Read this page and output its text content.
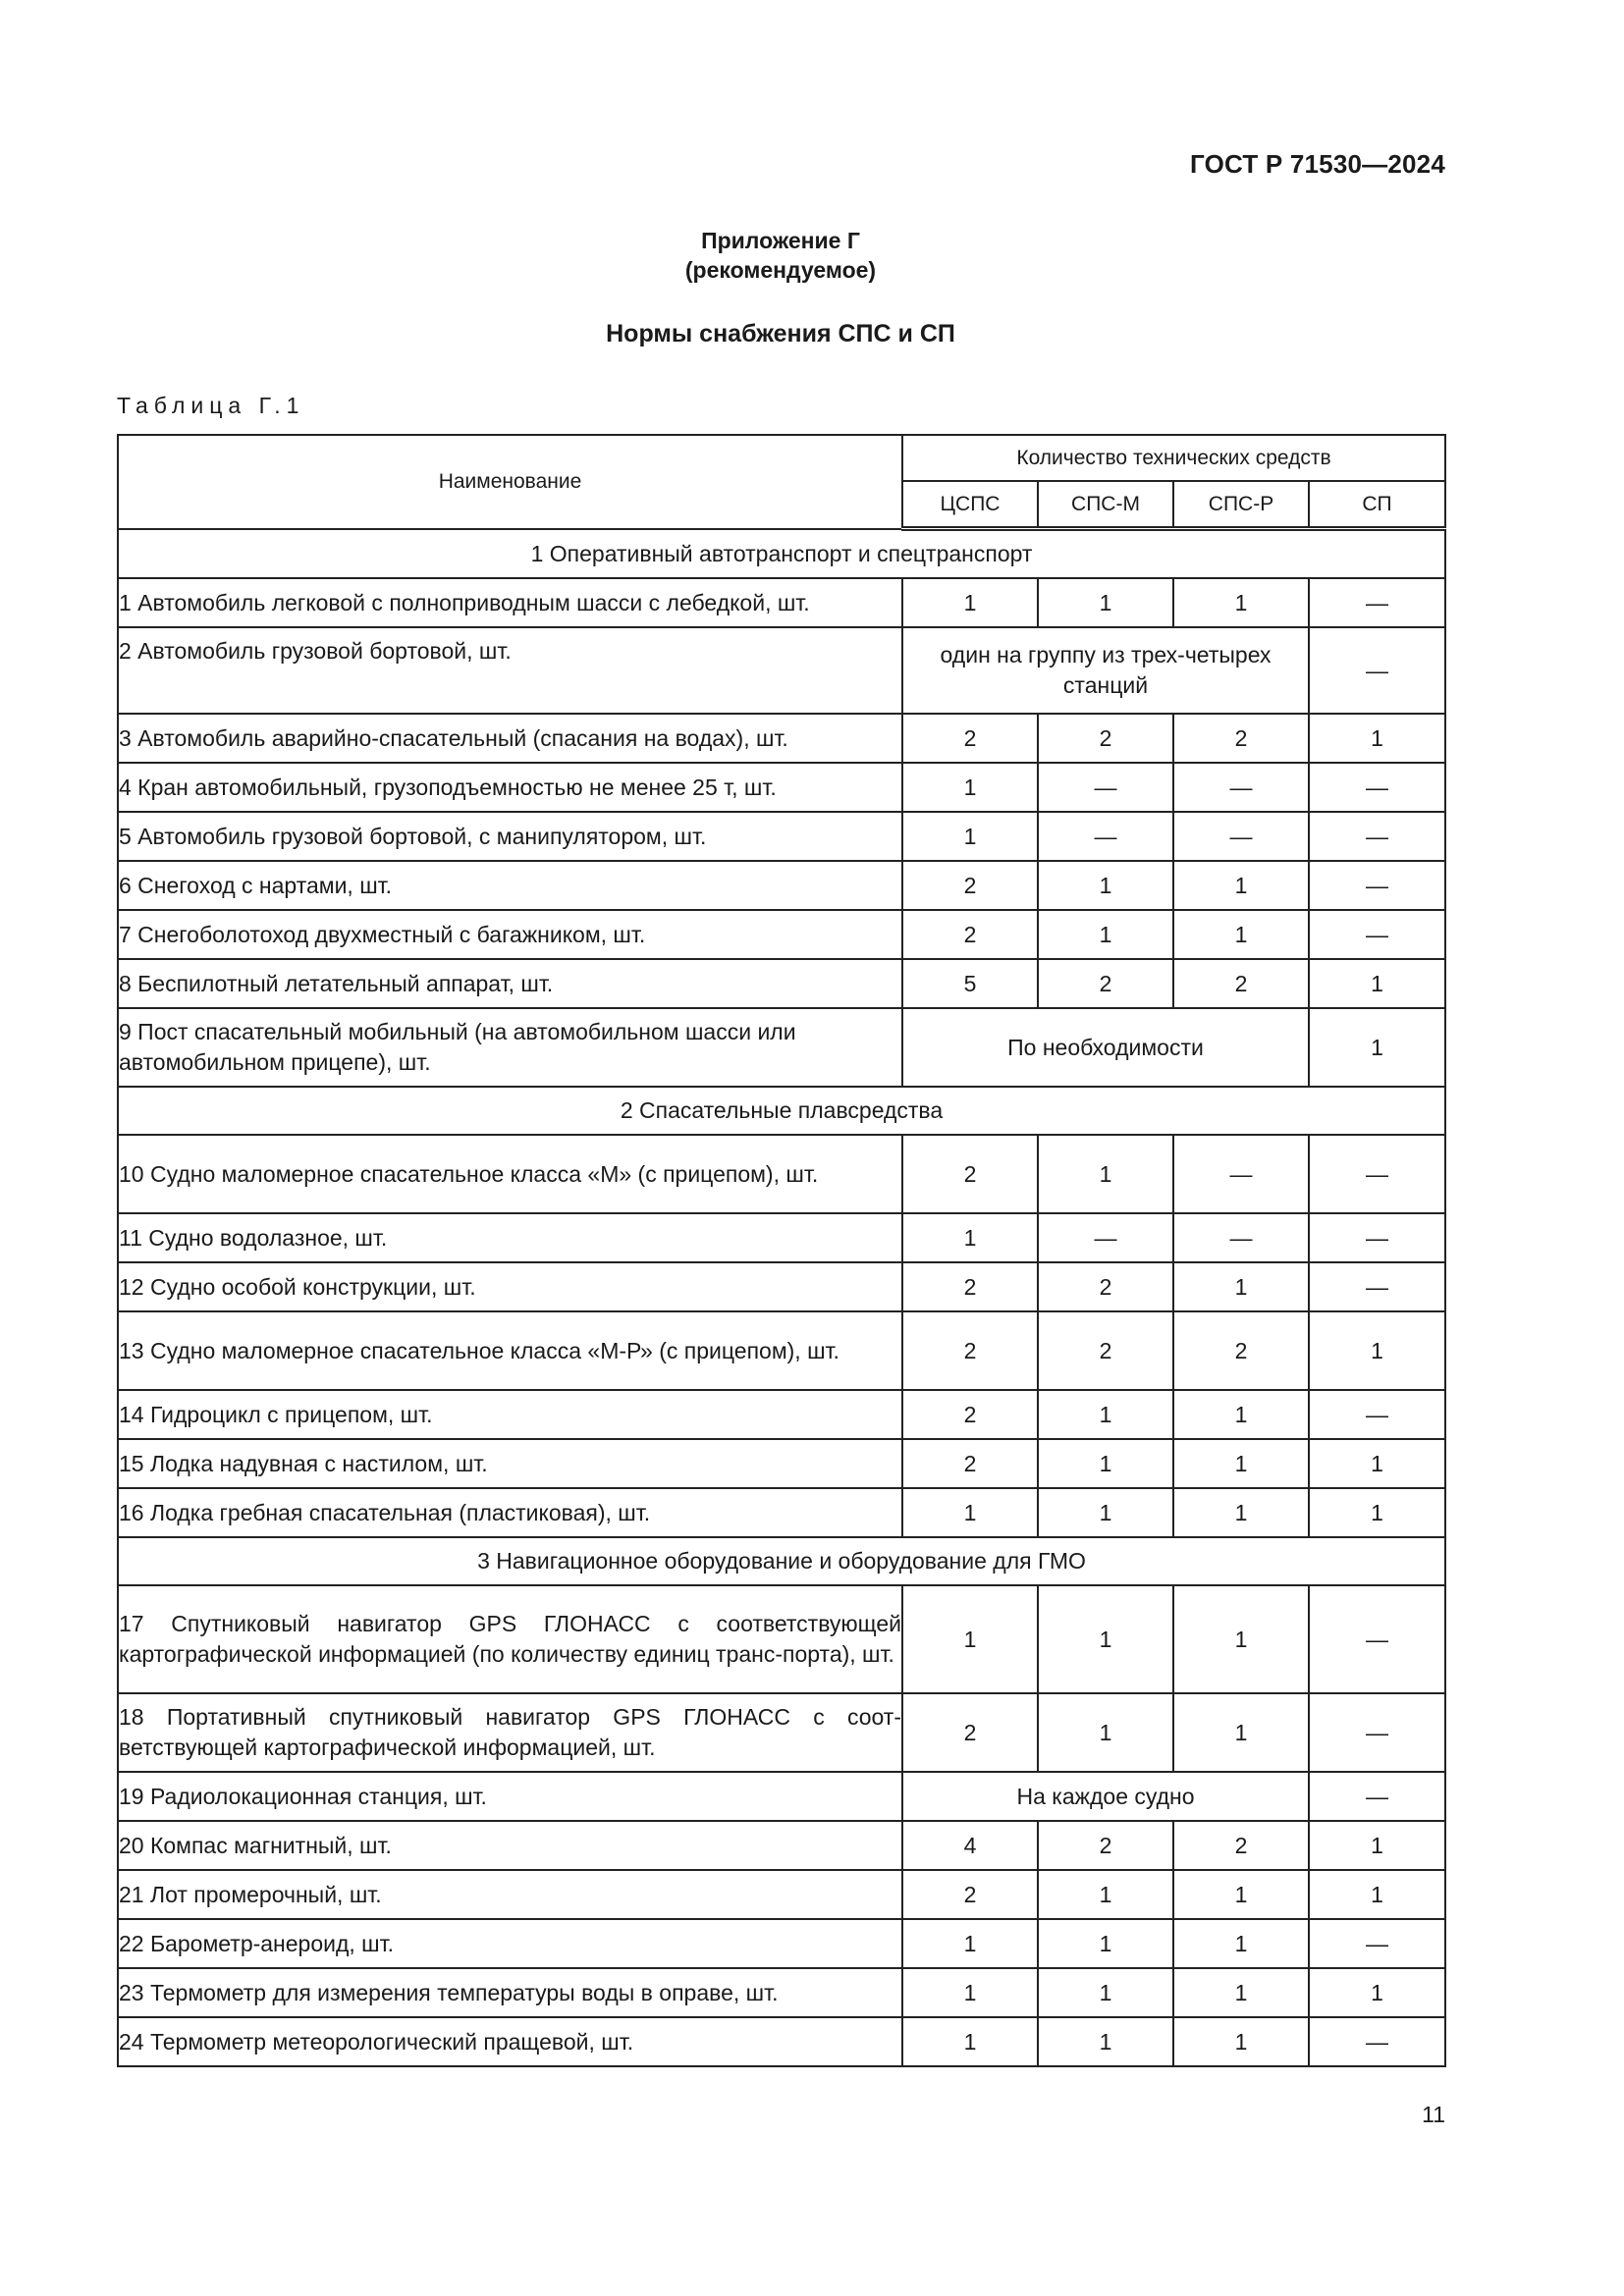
ГОСТ Р 71530—2024
Приложение Г
(рекомендуемое)
Нормы снабжения СПС и СП
Таблица Г.1
Наименование	Количество технических средств			
	ЦСПС	СПС-М	СПС-Р	СП
1 Оперативный автотранспорт и спецтранспорт				
1 Автомобиль легковой с полноприводным шасси с лебедкой, шт.	1	1	1	—
2 Автомобиль грузовой бортовой, шт.	один на группу из трех-четырех станций			—
3 Автомобиль аварийно-спасательный (спасания на водах), шт.	2	2	2	1
4 Кран автомобильный, грузоподъемностью не менее 25 т, шт.	1	—	—	—
5 Автомобиль грузовой бортовой, с манипулятором, шт.	1	—	—	—
6 Снегоход с нартами, шт.	2	1	1	—
7 Снегоболотоход двухместный с багажником, шт.	2	1	1	—
8 Беспилотный летательный аппарат, шт.	5	2	2	1
9 Пост спасательный мобильный (на автомобильном шасси или автомобильном прицепе), шт.	По необходимости			1
2 Спасательные плавсредства				
10 Судно маломерное спасательное класса «М» (с прицепом), шт.	2	1	—	—
11 Судно водолазное, шт.	1	—	—	—
12 Судно особой конструкции, шт.	2	2	1	—
13 Судно маломерное спасательное класса «М-Р» (с прицепом), шт.	2	2	2	1
14 Гидроцикл с прицепом, шт.	2	1	1	—
15 Лодка надувная с настилом, шт.	2	1	1	1
16 Лодка гребная спасательная (пластиковая), шт.	1	1	1	1
3 Навигационное оборудование и оборудование для ГМО				
17 Спутниковый навигатор GPS ГЛОНАСС с соответствующей картографической информацией (по количеству единиц транс-порта), шт.	1	1	1	—
18 Портативный спутниковый навигатор GPS ГЛОНАСС с соот-ветствующей картографической информацией, шт.	2	1	1	—
19 Радиолокационная станция, шт.	На каждое судно			—
20 Компас магнитный, шт.	4	2	2	1
21 Лот промерочный, шт.	2	1	1	1
22 Барометр-анероид, шт.	1	1	1	—
23 Термометр для измерения температуры воды в оправе, шт.	1	1	1	1
24 Термометр метеорологический пращевой, шт.	1	1	1	—
11
